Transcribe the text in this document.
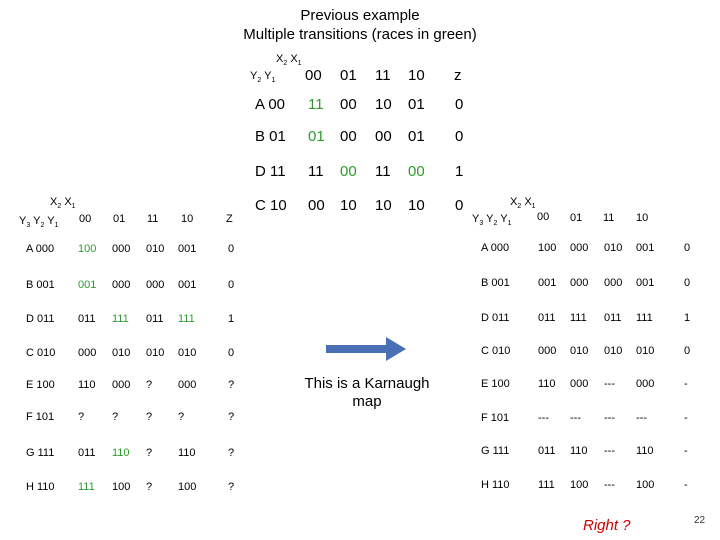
Previous example
Multiple transitions (races in green)
$X_2$ $X_1$
$Y_2$ $Y_1$ 00 01 11 10 z
A 00 11 00 10 01 0
B 01 01 00 00 01 0
D 11 11 00 11 00 1
C 10 00 10 10 10 0
$X_2$ $X_1$
$Y_3$ $Y_2$ $Y_1$
00 01 11 10	Z
A 000 100 000 010 001	0
B 001 001 000 000 001	0
D 011 011 111 011 111	1
C 010 000 010 010 010	0
E 100 110 000 ? 000	?
F 101 ?	?	? ?	?
G 111 011 110 ? 110	?
H 110 111 100 ? 100	?
$X_2$ $X_1$
$Y_3$ $Y_2$ $Y_1$
00 01 11 10
A 000	100 000 010 001	0
B 001	001 000 000 001	0
D 011	011 111 011 111	1
C 010	000 010 010 010	0
E 100	110 000 --- 000	-
F 101	--- --- --- ---	-
G 111	011 110 --- 110	-
H 110	111 100 --- 100	-
This is a Karnaugh
map
Right ?	22
